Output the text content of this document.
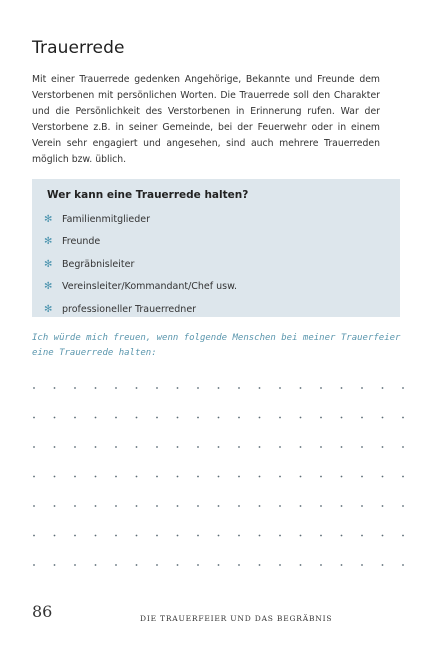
Trauerrede
Mit einer Trauerrede gedenken Angehörige, Bekannte und Freunde dem Verstorbenen mit persönlichen Worten. Die Trauerrede soll den Charakter und die Persönlichkeit des Verstorbenen in Erinnerung rufen. War der Verstorbene z.B. in seiner Gemeinde, bei der Feuerwehr oder in einem Verein sehr engagiert und angesehen, sind auch mehrere Trauerreden möglich bzw. üblich.
Wer kann eine Trauerrede halten?
✻	Familienmitglieder
✻	Freunde
✻	Begräbnisleiter
✻	Vereinsleiter/Kommandant/Chef usw.
✻	professioneller Trauerredner
Ich würde mich freuen, wenn folgende Menschen bei meiner Trauerfeier eine Trauerrede halten:
86	DIE TRAUERFEIER UND DAS BEGRÄBNIS
